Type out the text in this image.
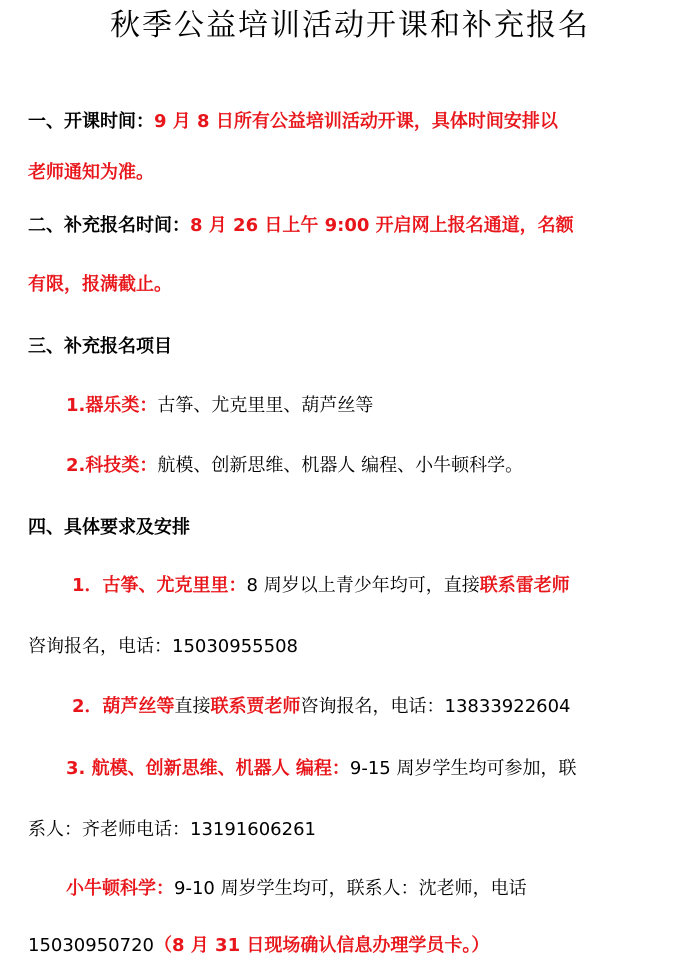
秋季公益培训活动开课和补充报名
一、开课时间：9 月 8 日所有公益培训活动开课，具体时间安排以
老师通知为准。
二、补充报名时间：8 月 26 日上午 9:00 开启网上报名通道，名额
有限，报满截止。
三、补充报名项目
1.器乐类：古筝、尤克里里、葫芦丝等
2.科技类：航模、创新思维、机器人 编程、小牛顿科学。
四、具体要求及安排
1．古筝、尤克里里：8 周岁以上青少年均可，直接联系雷老师
咨询报名，电话：15030955508
2．葫芦丝等直接联系贾老师咨询报名，电话：13833922604
3. 航模、创新思维、机器人 编程：9-15 周岁学生均可参加，联
系人：齐老师电话：13191606261
小牛顿科学：9-10 周岁学生均可，联系人：沈老师，电话
15030950720（8 月 31 日现场确认信息办理学员卡。）
